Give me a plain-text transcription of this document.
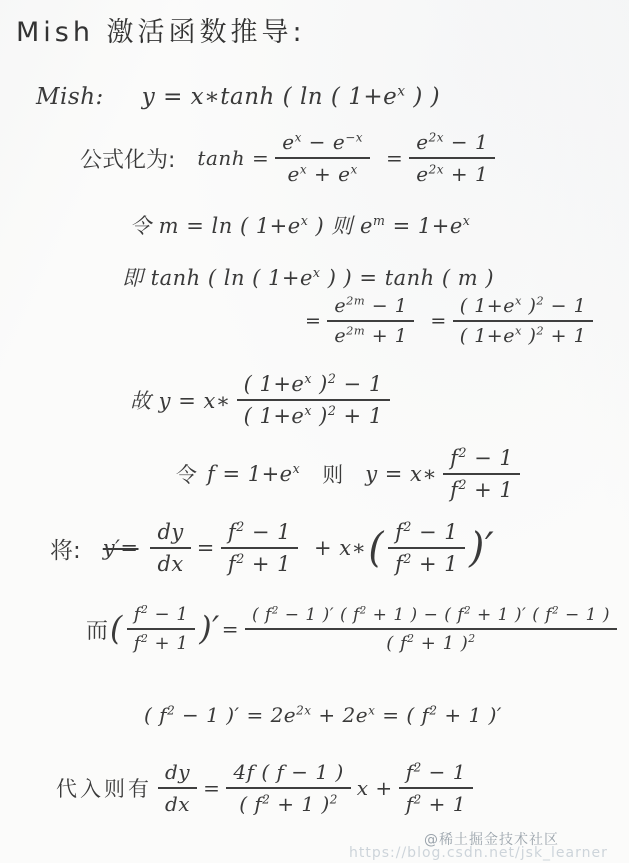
Mish 激活函数推导:
Mish: y = x∗tanh ( ln ( $1+e^x$ ) )
公式化为: $\tanh = \frac{e^x - e^{-x}}{e^x + e^x} = \frac{e^{2x} - 1}{e^{2x} + 1}$
令 m = ln ( $1+e^x$ ) 则 $e^m = 1+e^x$
即 tanh ( ln ( $1+e^x$ ) ) = tanh ( m )
= $\frac{e^{2m} - 1}{e^{2m} + 1} = \frac{( 1+e^x )^2 - 1}{( 1+e^x )^2 + 1}$
故 y = x∗ $\frac{( 1+e^x )^2 - 1}{( 1+e^x )^2 + 1}$
令 $f = 1+e^x$ 则 y = x∗ $\frac{f^2 - 1}{f^2 + 1}$
将: $y'= \frac{dy}{dx} = \frac{f^2 - 1}{f^2 + 1}$ + x∗ ( $\frac{f^2 - 1}{f^2 + 1}$ )′
而 ( $\frac{f^2 - 1}{f^2 + 1}$ )′ = $\frac{( f^2 - 1 )' ( f^2 + 1 ) - ( f^2 + 1 )' ( f^2 - 1 )}{( f^2 + 1 )^2}$
( $f^2 - 1$ )′ = $2e^{2x} + 2e^x$ = ( $f^2 + 1$ )′
代入则有 $\frac{dy}{dx} = \frac{4f ( f - 1 )}{( f^2 + 1 )^2}$ $x + \frac{f^2 - 1}{f^2 + 1}$
@稀土掘金技术社区
https://blog.csdn.net/jsk_learner
